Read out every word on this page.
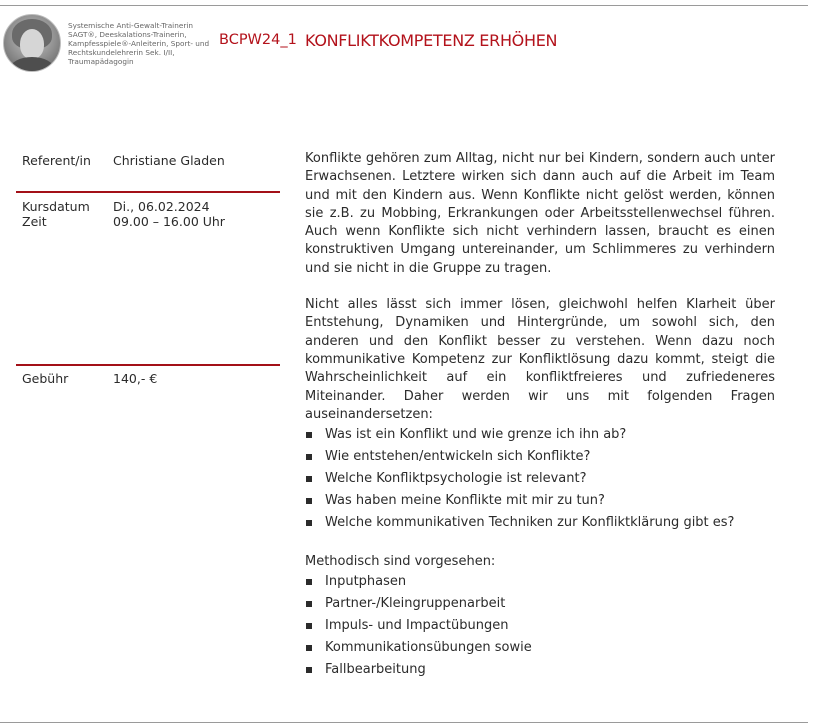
Systemische Anti-Gewalt-Trainerin
SAGT®, Deeskalations-Trainerin,
Kampfesspiele®-Anleiterin, Sport- und
Rechtskundelehrerin Sek. I/II,
Traumapädagogin
BCPW24_1 KONFLIKTKOMPETENZ ERHÖHEN
Referent/in Christiane Gladen
Kursdatum Di., 06.02.2024
Zeit	09.00 – 16.00 Uhr
Gebühr	140,- €

Konflikte gehören zum Alltag, nicht nur bei Kindern, sondern auch unter Erwachsenen. Letztere wirken sich dann auch auf die Arbeit im Team und mit den Kindern aus. Wenn Konflikte nicht gelöst werden, können sie z.B. zu Mobbing, Erkrankungen oder Arbeitsstellenwechsel führen. Auch wenn Konflikte sich nicht verhindern lassen, braucht es einen konstruktiven Umgang untereinander, um Schlimmeres zu verhindern und sie nicht in die Gruppe zu tragen.

Nicht alles lässt sich immer lösen, gleichwohl helfen Klarheit über Entstehung, Dynamiken und Hintergründe, um sowohl sich, den anderen und den Konflikt besser zu verstehen. Wenn dazu noch kommunikative Kompetenz zur Konfliktlösung dazu kommt, steigt die Wahrscheinlichkeit auf ein konfliktfreieres und zufriedeneres Miteinander. Daher werden wir uns mit folgenden Fragen auseinandersetzen:

Was ist ein Konflikt und wie grenze ich ihn ab?
Wie entstehen/entwickeln sich Konflikte?
Welche Konfliktpsychologie ist relevant?
Was haben meine Konflikte mit mir zu tun?
Welche kommunikativen Techniken zur Konfliktklärung gibt es?

Methodisch sind vorgesehen:

Inputphasen
Partner-/Kleingruppenarbeit
Impuls- und Impactübungen
Kommunikationsübungen sowie
Fallbearbeitung
